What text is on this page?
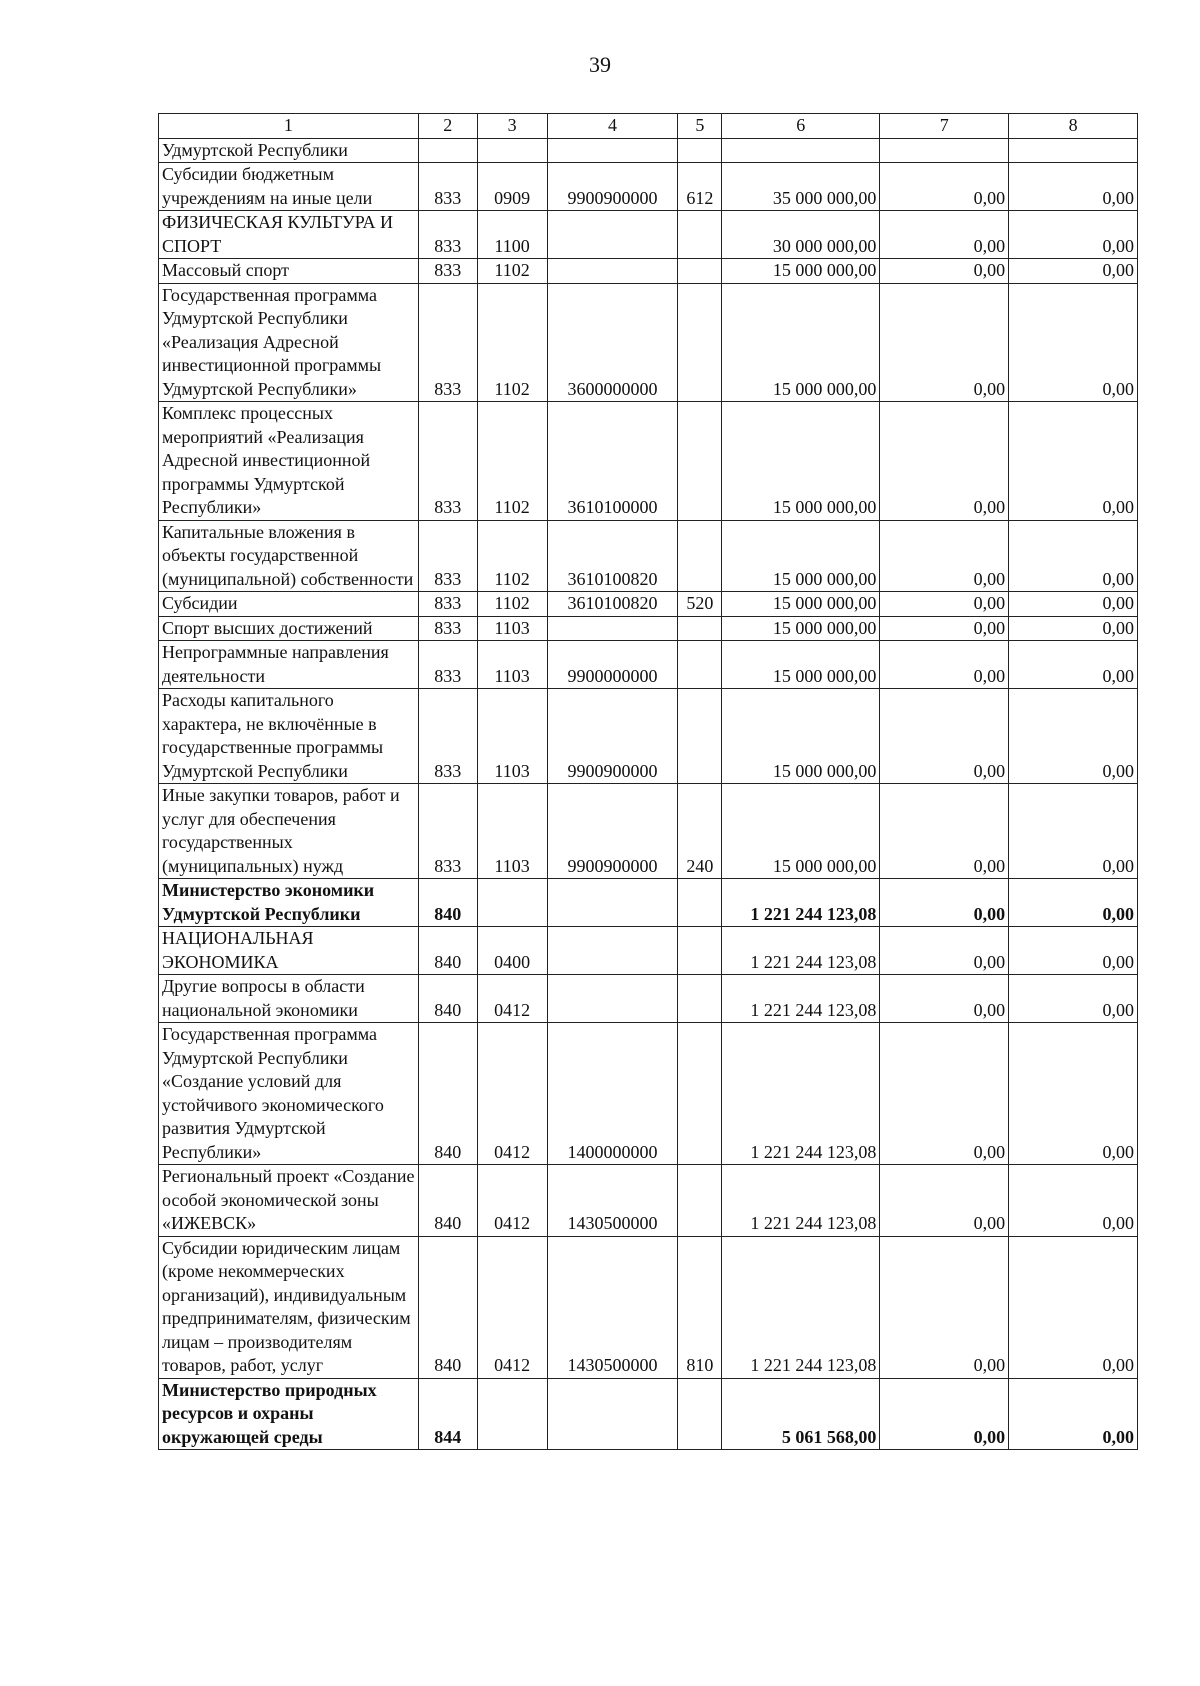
39
1	2	3	4	5	6	7	8

Удмуртской Республики							

Субсидии бюджетным учреждениям на иные цели	833	0909	9900900000	612	35 000 000,00	0,00	0,00

ФИЗИЧЕСКАЯ КУЛЬТУРА И СПОРТ	833	1100			30 000 000,00	0,00	0,00

Массовый спорт	833	1102			15 000 000,00	0,00	0,00

Государственная программа Удмуртской Республики «Реализация Адресной инвестиционной программы Удмуртской Республики»	833	1102	3600000000		15 000 000,00	0,00	0,00

Комплекс процессных мероприятий «Реализация Адресной инвестиционной программы Удмуртской Республики»	833	1102	3610100000		15 000 000,00	0,00	0,00

Капитальные вложения в объекты государственной (муниципальной) собственности	833	1102	3610100820		15 000 000,00	0,00	0,00

Субсидии	833	1102	3610100820	520	15 000 000,00	0,00	0,00

Спорт высших достижений	833	1103			15 000 000,00	0,00	0,00

Непрограммные направления деятельности	833	1103	9900000000		15 000 000,00	0,00	0,00

Расходы капитального характера, не включённые в государственные программы Удмуртской Республики	833	1103	9900900000		15 000 000,00	0,00	0,00

Иные закупки товаров, работ и услуг для обеспечения государственных (муниципальных) нужд	833	1103	9900900000	240	15 000 000,00	0,00	0,00

Министерство экономики Удмуртской Республики	840				1 221 244 123,08	0,00	0,00

НАЦИОНАЛЬНАЯ ЭКОНОМИКА	840	0400			1 221 244 123,08	0,00	0,00

Другие вопросы в области национальной экономики	840	0412			1 221 244 123,08	0,00	0,00

Государственная программа Удмуртской Республики «Создание условий для устойчивого экономического развития Удмуртской Республики»	840	0412	1400000000		1 221 244 123,08	0,00	0,00

Региональный проект «Создание особой экономической зоны «ИЖЕВСК»	840	0412	1430500000		1 221 244 123,08	0,00	0,00

Субсидии юридическим лицам (кроме некоммерческих организаций), индивидуальным предпринимателям, физическим лицам – производителям товаров, работ, услуг	840	0412	1430500000	810	1 221 244 123,08	0,00	0,00

Министерство природных ресурсов и охраны окружающей среды	844				5 061 568,00	0,00	0,00
